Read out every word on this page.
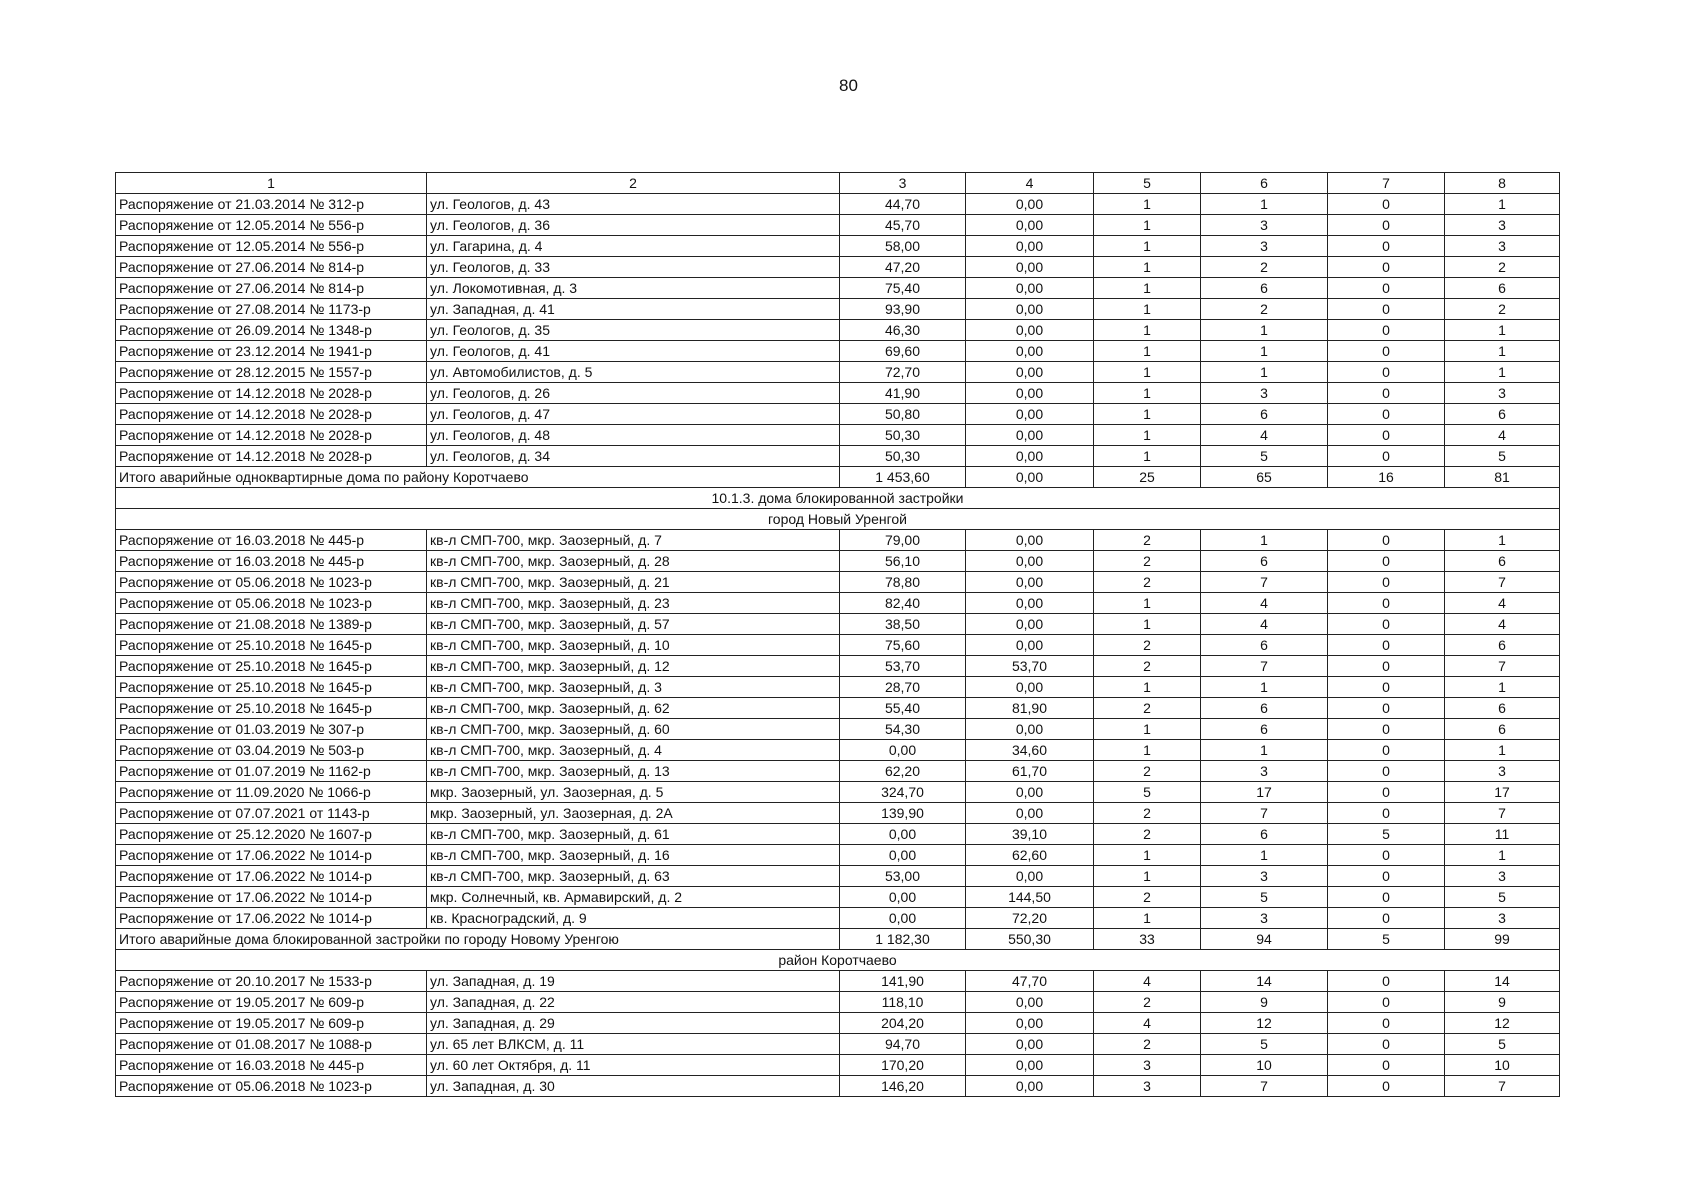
80
1	2	3	4	5	6	7	8
Распоряжение от 21.03.2014 № 312-р	ул. Геологов, д. 43	44,70	0,00	1	1	0	1
Распоряжение от 12.05.2014 № 556-р	ул. Геологов, д. 36	45,70	0,00	1	3	0	3
Распоряжение от 12.05.2014 № 556-р	ул. Гагарина, д. 4	58,00	0,00	1	3	0	3
Распоряжение от 27.06.2014 № 814-р	ул. Геологов, д. 33	47,20	0,00	1	2	0	2
Распоряжение от 27.06.2014 № 814-р	ул. Локомотивная, д. 3	75,40	0,00	1	6	0	6
Распоряжение от 27.08.2014 № 1173-р	ул. Западная, д. 41	93,90	0,00	1	2	0	2
Распоряжение от 26.09.2014 № 1348-р	ул. Геологов, д. 35	46,30	0,00	1	1	0	1
Распоряжение от 23.12.2014 № 1941-р	ул. Геологов, д. 41	69,60	0,00	1	1	0	1
Распоряжение от 28.12.2015 № 1557-р	ул. Автомобилистов, д. 5	72,70	0,00	1	1	0	1
Распоряжение от 14.12.2018 № 2028-р	ул. Геологов, д. 26	41,90	0,00	1	3	0	3
Распоряжение от 14.12.2018 № 2028-р	ул. Геологов, д. 47	50,80	0,00	1	6	0	6
Распоряжение от 14.12.2018 № 2028-р	ул. Геологов, д. 48	50,30	0,00	1	4	0	4
Распоряжение от 14.12.2018 № 2028-р	ул. Геологов, д. 34	50,30	0,00	1	5	0	5
Итого аварийные одноквартирные дома по району Коротчаево		1 453,60	0,00	25	65	16	81
10.1.3. дома блокированной застройки							
город Новый Уренгой							
Распоряжение от 16.03.2018 № 445-р	кв-л СМП-700, мкр. Заозерный, д. 7	79,00	0,00	2	1	0	1
Распоряжение от 16.03.2018 № 445-р	кв-л СМП-700, мкр. Заозерный, д. 28	56,10	0,00	2	6	0	6
Распоряжение от 05.06.2018 № 1023-р	кв-л СМП-700, мкр. Заозерный, д. 21	78,80	0,00	2	7	0	7
Распоряжение от 05.06.2018 № 1023-р	кв-л СМП-700, мкр. Заозерный, д. 23	82,40	0,00	1	4	0	4
Распоряжение от 21.08.2018 № 1389-р	кв-л СМП-700, мкр. Заозерный, д. 57	38,50	0,00	1	4	0	4
Распоряжение от 25.10.2018 № 1645-р	кв-л СМП-700, мкр. Заозерный, д. 10	75,60	0,00	2	6	0	6
Распоряжение от 25.10.2018 № 1645-р	кв-л СМП-700, мкр. Заозерный, д. 12	53,70	53,70	2	7	0	7
Распоряжение от 25.10.2018 № 1645-р	кв-л СМП-700, мкр. Заозерный, д. 3	28,70	0,00	1	1	0	1
Распоряжение от 25.10.2018 № 1645-р	кв-л СМП-700, мкр. Заозерный, д. 62	55,40	81,90	2	6	0	6
Распоряжение от 01.03.2019 № 307-р	кв-л СМП-700, мкр. Заозерный, д. 60	54,30	0,00	1	6	0	6
Распоряжение от 03.04.2019 № 503-р	кв-л СМП-700, мкр. Заозерный, д. 4	0,00	34,60	1	1	0	1
Распоряжение от 01.07.2019 № 1162-р	кв-л СМП-700, мкр. Заозерный, д. 13	62,20	61,70	2	3	0	3
Распоряжение от 11.09.2020 № 1066-р	мкр. Заозерный, ул. Заозерная, д. 5	324,70	0,00	5	17	0	17
Распоряжение от 07.07.2021 от 1143-р	мкр. Заозерный, ул. Заозерная, д. 2А	139,90	0,00	2	7	0	7
Распоряжение от 25.12.2020 № 1607-р	кв-л СМП-700, мкр. Заозерный, д. 61	0,00	39,10	2	6	5	11
Распоряжение от 17.06.2022 № 1014-р	кв-л СМП-700, мкр. Заозерный, д. 16	0,00	62,60	1	1	0	1
Распоряжение от 17.06.2022 № 1014-р	кв-л СМП-700, мкр. Заозерный, д. 63	53,00	0,00	1	3	0	3
Распоряжение от 17.06.2022 № 1014-р	мкр. Солнечный, кв. Армавирский, д. 2	0,00	144,50	2	5	0	5
Распоряжение от 17.06.2022 № 1014-р	кв. Красноградский, д. 9	0,00	72,20	1	3	0	3
Итого аварийные дома блокированной застройки по городу Новому Уренгою		1 182,30	550,30	33	94	5	99
район Коротчаево							
Распоряжение от 20.10.2017 № 1533-р	ул. Западная, д. 19	141,90	47,70	4	14	0	14
Распоряжение от 19.05.2017 № 609-р	ул. Западная, д. 22	118,10	0,00	2	9	0	9
Распоряжение от 19.05.2017 № 609-р	ул. Западная, д. 29	204,20	0,00	4	12	0	12
Распоряжение от 01.08.2017 № 1088-р	ул. 65 лет ВЛКСМ, д. 11	94,70	0,00	2	5	0	5
Распоряжение от 16.03.2018 № 445-р	ул. 60 лет Октября, д. 11	170,20	0,00	3	10	0	10
Распоряжение от 05.06.2018 № 1023-р	ул. Западная, д. 30	146,20	0,00	3	7	0	7
